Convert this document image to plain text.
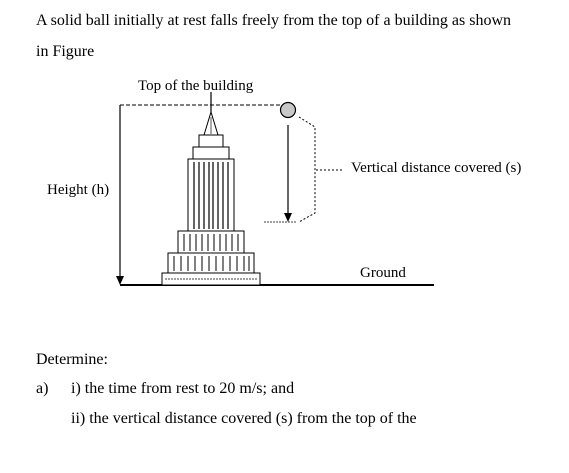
A solid ball initially at rest falls freely from the top of a building as shown
in Figure
Top of the building
Height (h)
Vertical distance covered (s)
Ground
Determine:
a) i) the time from rest to 20 m/s; and
ii) the vertical distance covered (s) from the top of the
